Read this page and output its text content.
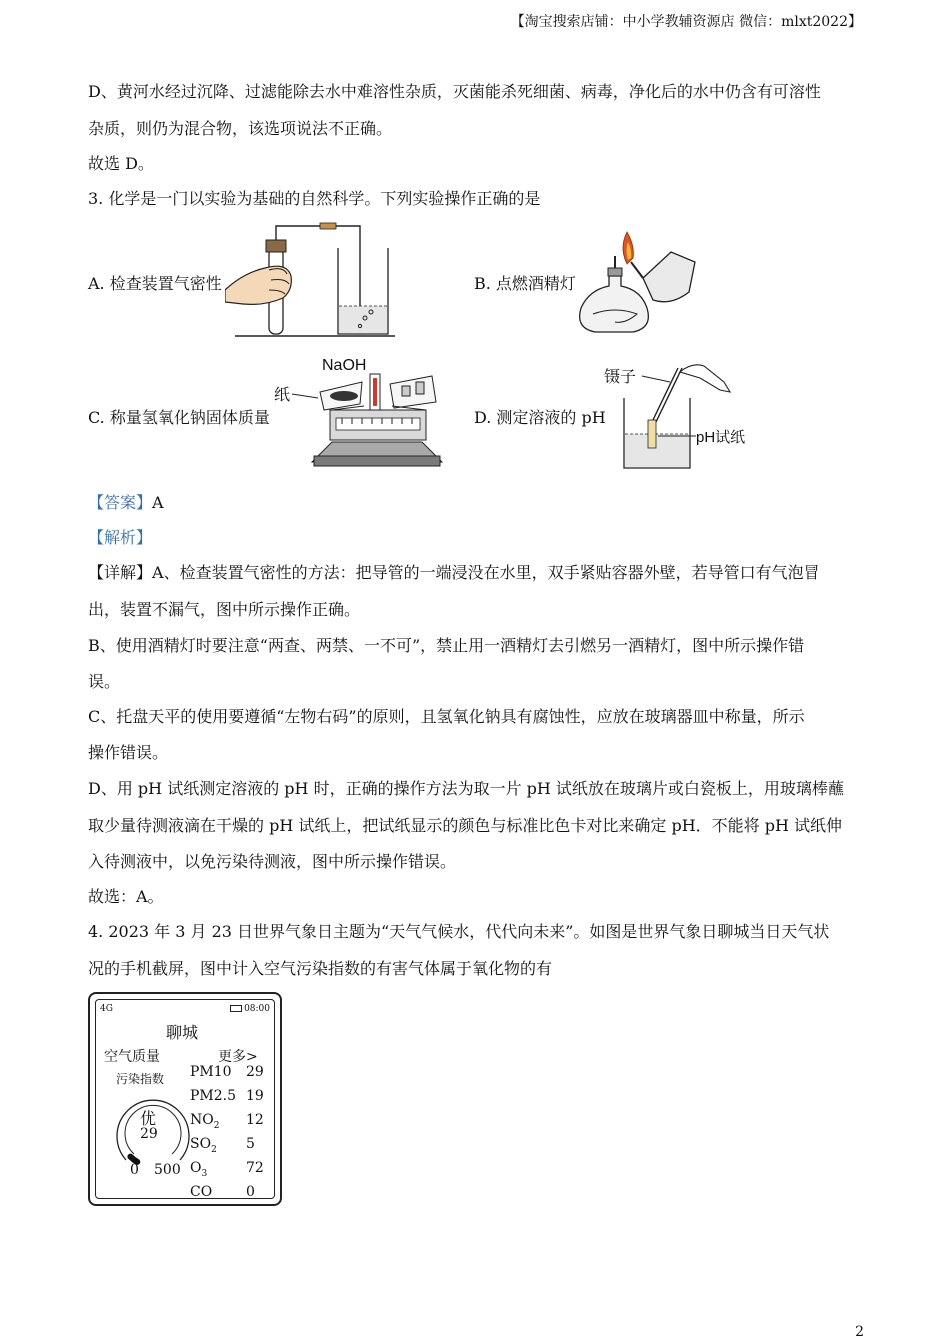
【淘宝搜索店铺：中小学教辅资源店 微信：mlxt2022】
D、黄河水经过沉降、过滤能除去水中难溶性杂质，灭菌能杀死细菌、病毒，净化后的水中仍含有可溶性
杂质，则仍为混合物，该选项说法不正确。
故选 D。
3. 化学是一门以实验为基础的自然科学。下列实验操作正确的是
A. 检查装置气密性	B. 点燃酒精灯
C. 称量氢氧化钠固体质量
NaOH
纸
D. 测定溶液的 pH
镊子
pH试纸
【答案】A
【解析】
【详解】A、检查装置气密性的方法：把导管的一端浸没在水里，双手紧贴容器外壁，若导管口有气泡冒
出，装置不漏气，图中所示操作正确。
B、使用酒精灯时要注意“两查、两禁、一不可”，禁止用一酒精灯去引燃另一酒精灯，图中所示操作错
误。
C、托盘天平的使用要遵循“左物右码”的原则，且氢氧化钠具有腐蚀性，应放在玻璃器皿中称量，所示
操作错误。
D、用 pH 试纸测定溶液的 pH 时，正确的操作方法为取一片 pH 试纸放在玻璃片或白瓷板上，用玻璃棒蘸
取少量待测液滴在干燥的 pH 试纸上，把试纸显示的颜色与标准比色卡对比来确定 pH．不能将 pH 试纸伸
入待测液中，以免污染待测液，图中所示操作错误。
故选：A。
4. 2023 年 3 月 23 日世界气象日主题为“天气气候水，代代向未来”。如图是世界气象日聊城当日天气状
况的手机截屏，图中计入空气污染指数的有害气体属于氧化物的有
4G	08:00
聊城
空气质量	更多>
污染指数
优
29
0 500
PM10 29
PM2.5 19
$NO_2$ 12
$SO_2$ 5
$O_3$	72
CO 0
2
